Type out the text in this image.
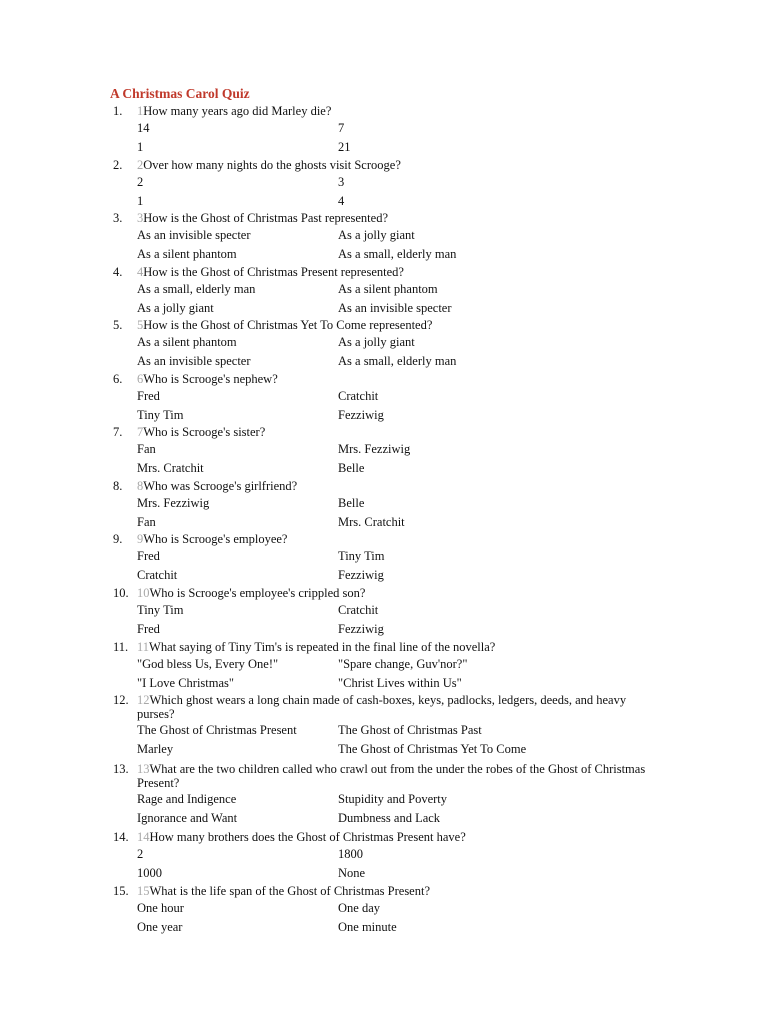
A Christmas Carol Quiz
1. 1How many years ago did Marley die?
14	7
1	21
2. 2Over how many nights do the ghosts visit Scrooge?
2	3
1	4
3. 3How is the Ghost of Christmas Past represented?
As an invisible specter	As a jolly giant
As a silent phantom	As a small, elderly man
4. 4How is the Ghost of Christmas Present represented?
As a small, elderly man	As a silent phantom
As a jolly giant	As an invisible specter
5. 5How is the Ghost of Christmas Yet To Come represented?
As a silent phantom	As a jolly giant
As an invisible specter	As a small, elderly man
6. 6Who is Scrooge's nephew?
Fred	Cratchit
Tiny Tim	Fezziwig
7. 7Who is Scrooge's sister?
Fan	Mrs. Fezziwig
Mrs. Cratchit	Belle
8. 8Who was Scrooge's girlfriend?
Mrs. Fezziwig	Belle
Fan	Mrs. Cratchit
9. 9Who is Scrooge's employee?
Fred	Tiny Tim
Cratchit	Fezziwig
10. 10Who is Scrooge's employee's crippled son?
Tiny Tim	Cratchit
Fred	Fezziwig
11. 11What saying of Tiny Tim's is repeated in the final line of the novella?
"God bless Us, Every One!"	"Spare change, Guv'nor?"
"I Love Christmas"	"Christ Lives within Us"
12. 12Which ghost wears a long chain made of cash-boxes, keys, padlocks, ledgers, deeds, and heavy purses?
The Ghost of Christmas Present	The Ghost of Christmas Past
Marley	The Ghost of Christmas Yet To Come
13. 13What are the two children called who crawl out from the under the robes of the Ghost of Christmas Present?
Rage and Indigence	Stupidity and Poverty
Ignorance and Want	Dumbness and Lack
14. 14How many brothers does the Ghost of Christmas Present have?
2	1800
1000	None
15. 15What is the life span of the Ghost of Christmas Present?
One hour	One day
One year	One minute
